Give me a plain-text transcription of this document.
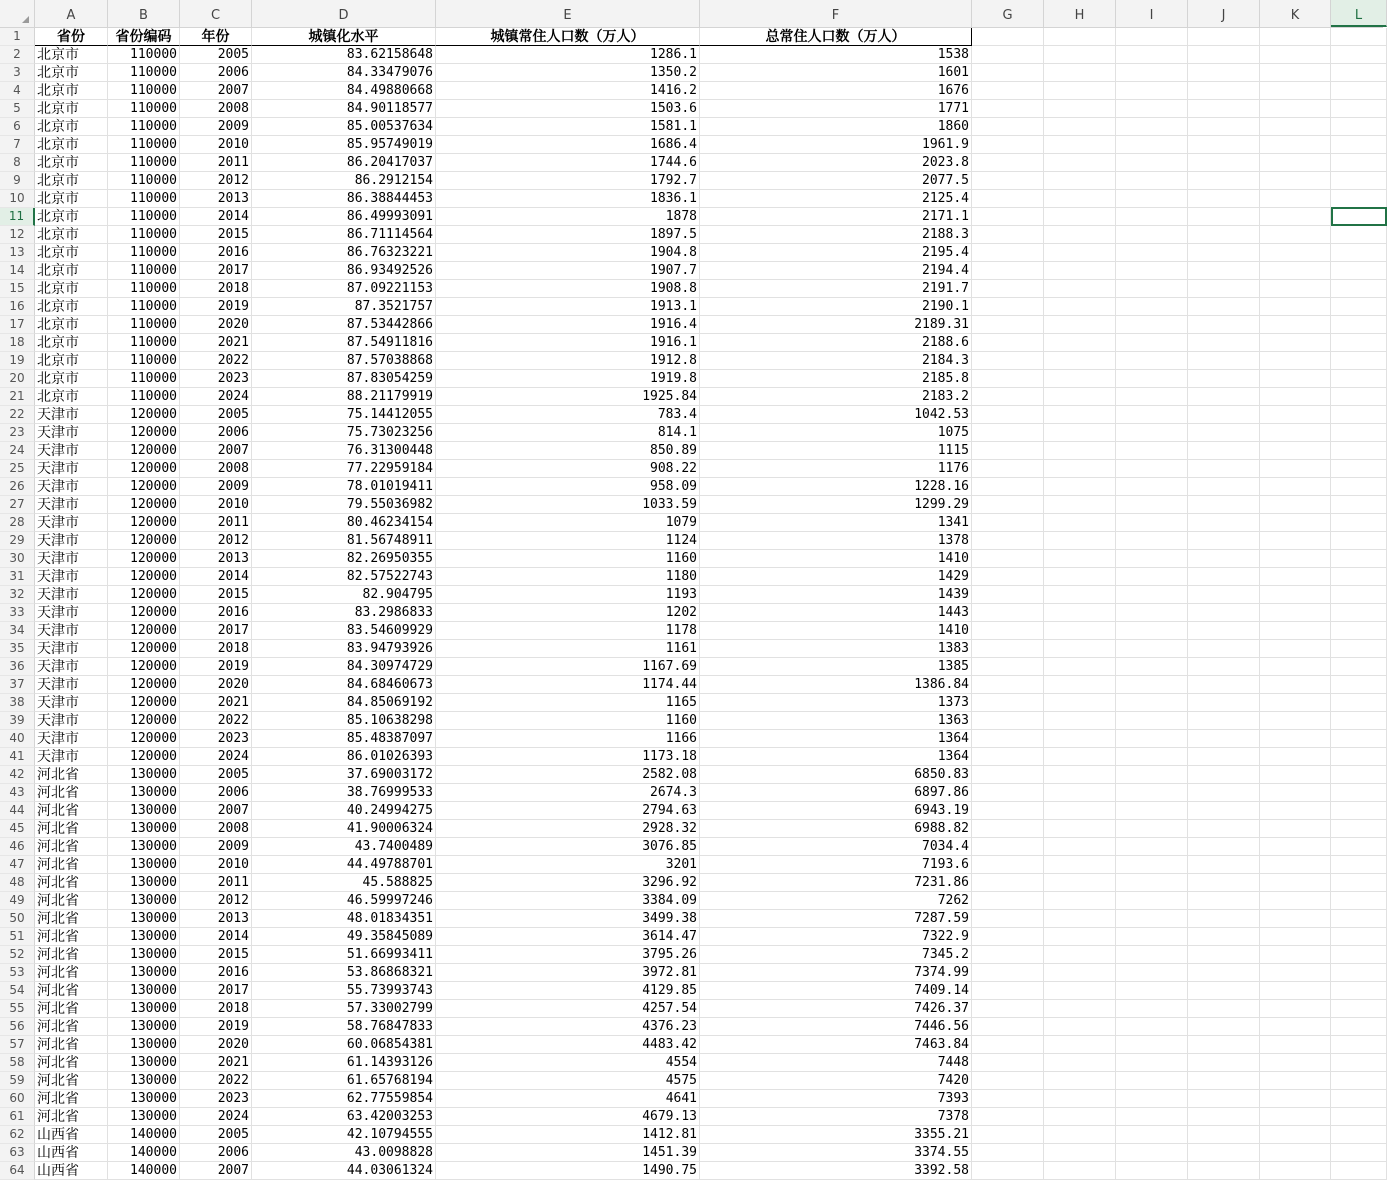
A	B	C	D	E	F	G	H	I	J	K	L
1	省份	省份编码	年份	城镇化水平	城镇常住人口数（万人）	总常住人口数（万人）
2	北京市	110000	2005	83.62158648	1286.1	1538
3	北京市	110000	2006	84.33479076	1350.2	1601
4	北京市	110000	2007	84.49880668	1416.2	1676
5	北京市	110000	2008	84.90118577	1503.6	1771
6	北京市	110000	2009	85.00537634	1581.1	1860
7	北京市	110000	2010	85.95749019	1686.4	1961.9
8	北京市	110000	2011	86.20417037	1744.6	2023.8
9	北京市	110000	2012	86.2912154	1792.7	2077.5
10 北京市	110000	2013	86.38844453	1836.1	2125.4
11 北京市	110000	2014	86.49993091	1878	2171.1
12 北京市	110000	2015	86.71114564	1897.5	2188.3
13 北京市	110000	2016	86.76323221	1904.8	2195.4
14 北京市	110000	2017	86.93492526	1907.7	2194.4
15 北京市	110000	2018	87.09221153	1908.8	2191.7
16 北京市	110000	2019	87.3521757	1913.1	2190.1
17 北京市	110000	2020	87.53442866	1916.4	2189.31
18 北京市	110000	2021	87.54911816	1916.1	2188.6
19 北京市	110000	2022	87.57038868	1912.8	2184.3
20 北京市	110000	2023	87.83054259	1919.8	2185.8
21 北京市	110000	2024	88.21179919	1925.84	2183.2
22 天津市	120000	2005	75.14412055	783.4	1042.53
23 天津市	120000	2006	75.73023256	814.1	1075
24 天津市	120000	2007	76.31300448	850.89	1115
25 天津市	120000	2008	77.22959184	908.22	1176
26 天津市	120000	2009	78.01019411	958.09	1228.16
27 天津市	120000	2010	79.55036982	1033.59	1299.29
28 天津市	120000	2011	80.46234154	1079	1341
29 天津市	120000	2012	81.56748911	1124	1378
30 天津市	120000	2013	82.26950355	1160	1410
31 天津市	120000	2014	82.57522743	1180	1429
32 天津市	120000	2015	82.904795	1193	1439
33 天津市	120000	2016	83.2986833	1202	1443
34 天津市	120000	2017	83.54609929	1178	1410
35 天津市	120000	2018	83.94793926	1161	1383
36 天津市	120000	2019	84.30974729	1167.69	1385
37 天津市	120000	2020	84.68460673	1174.44	1386.84
38 天津市	120000	2021	84.85069192	1165	1373
39 天津市	120000	2022	85.10638298	1160	1363
40 天津市	120000	2023	85.48387097	1166	1364
41 天津市	120000	2024	86.01026393	1173.18	1364
42 河北省	130000	2005	37.69003172	2582.08	6850.83
43 河北省	130000	2006	38.76999533	2674.3	6897.86
44 河北省	130000	2007	40.24994275	2794.63	6943.19
45 河北省	130000	2008	41.90006324	2928.32	6988.82
46 河北省	130000	2009	43.7400489	3076.85	7034.4
47 河北省	130000	2010	44.49788701	3201	7193.6
48 河北省	130000	2011	45.588825	3296.92	7231.86
49 河北省	130000	2012	46.59997246	3384.09	7262
50 河北省	130000	2013	48.01834351	3499.38	7287.59
51 河北省	130000	2014	49.35845089	3614.47	7322.9
52 河北省	130000	2015	51.66993411	3795.26	7345.2
53 河北省	130000	2016	53.86868321	3972.81	7374.99
54 河北省	130000	2017	55.73993743	4129.85	7409.14
55 河北省	130000	2018	57.33002799	4257.54	7426.37
56 河北省	130000	2019	58.76847833	4376.23	7446.56
57 河北省	130000	2020	60.06854381	4483.42	7463.84
58 河北省	130000	2021	61.14393126	4554	7448
59 河北省	130000	2022	61.65768194	4575	7420
60 河北省	130000	2023	62.77559854	4641	7393
61 河北省	130000	2024	63.42003253	4679.13	7378
62 山西省	140000	2005	42.10794555	1412.81	3355.21
63 山西省	140000	2006	43.0098828	1451.39	3374.55
64 山西省	140000	2007	44.03061324	1490.75	3392.58
